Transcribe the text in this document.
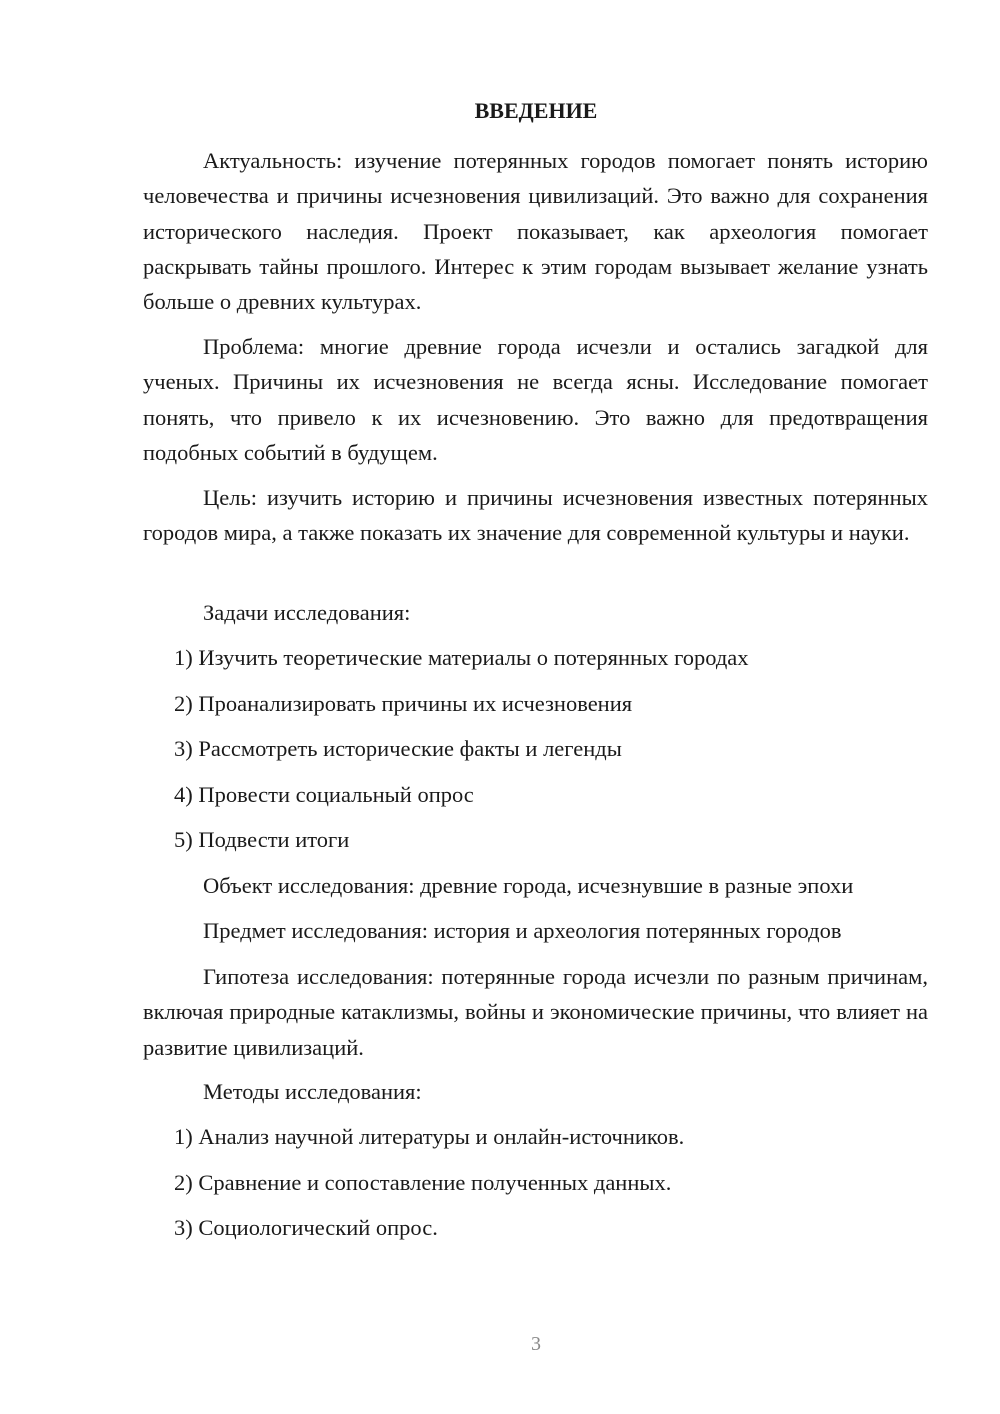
ВВЕДЕНИЕ

Актуальность: изучение потерянных городов помогает понять историю человечества и причины исчезновения цивилизаций. Это важно для сохранения исторического наследия. Проект показывает, как археология помогает раскрывать тайны прошлого. Интерес к этим городам вызывает желание узнать больше о древних культурах.

Проблема: многие древние города исчезли и остались загадкой для ученых. Причины их исчезновения не всегда ясны. Исследование помогает понять, что привело к их исчезновению. Это важно для предотвращения подобных событий в будущем.

Цель: изучить историю и причины исчезновения известных потерянных городов мира, а также показать их значение для современной культуры и науки.

Задачи исследования:

1) Изучить теоретические материалы о потерянных городах

2) Проанализировать причины их исчезновения

3) Рассмотреть исторические факты и легенды

4) Провести социальный опрос

5) Подвести итоги

Объект исследования: древние города, исчезнувшие в разные эпохи

Предмет исследования: история и археология потерянных городов

Гипотеза исследования: потерянные города исчезли по разным причинам, включая природные катаклизмы, войны и экономические причины, что влияет на развитие цивилизаций.

Методы исследования:

1) Анализ научной литературы и онлайн-источников.

2) Сравнение и сопоставление полученных данных.

3) Социологический опрос.

3
